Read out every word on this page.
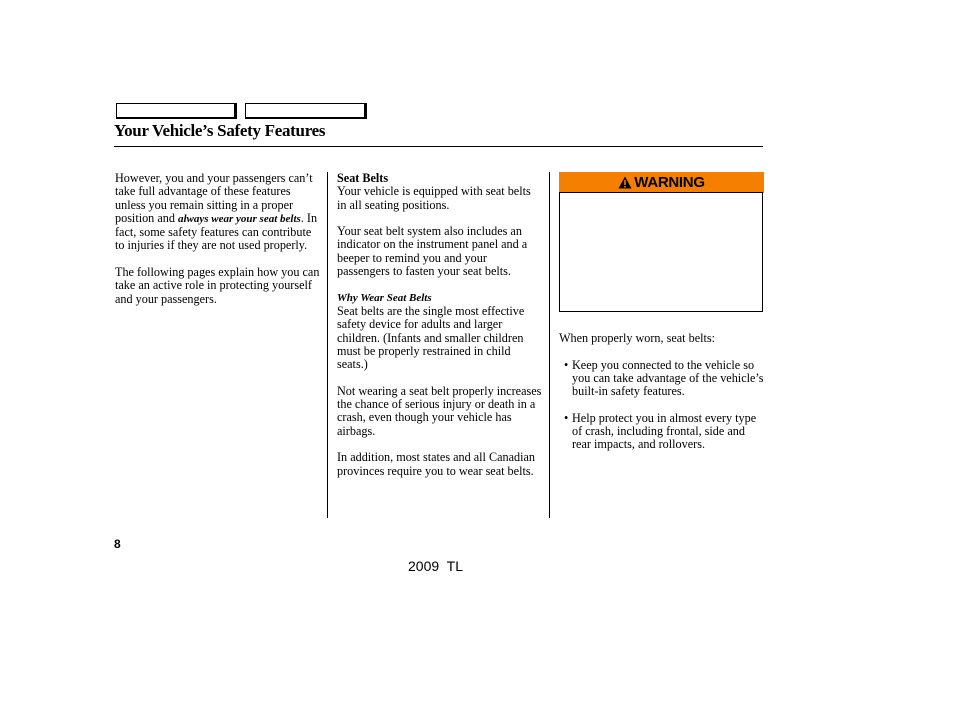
Your Vehicle’s Safety Features

However, you and your passengers can’t take full advantage of these features unless you remain sitting in a proper position and always wear your seat belts. In fact, some safety features can contribute to injuries if they are not used properly.

The following pages explain how you can take an active role in protecting yourself and your passengers.

Seat Belts

Your vehicle is equipped with seat belts in all seating positions.

Your seat belt system also includes an indicator on the instrument panel and a beeper to remind you and your passengers to fasten your seat belts.

Why Wear Seat Belts

Seat belts are the single most effective safety device for adults and larger children. (Infants and smaller children must be properly restrained in child seats.)

Not wearing a seat belt properly increases the chance of serious injury or death in a crash, even though your vehicle has airbags.

In addition, most states and all Canadian provinces require you to wear seat belts.

WARNING

When properly worn, seat belts:

• Keep you connected to the vehicle so you can take advantage of the vehicle’s built-in safety features.
• Help protect you in almost every type of crash, including frontal, side and rear impacts, and rollovers.
8
2009  TL
